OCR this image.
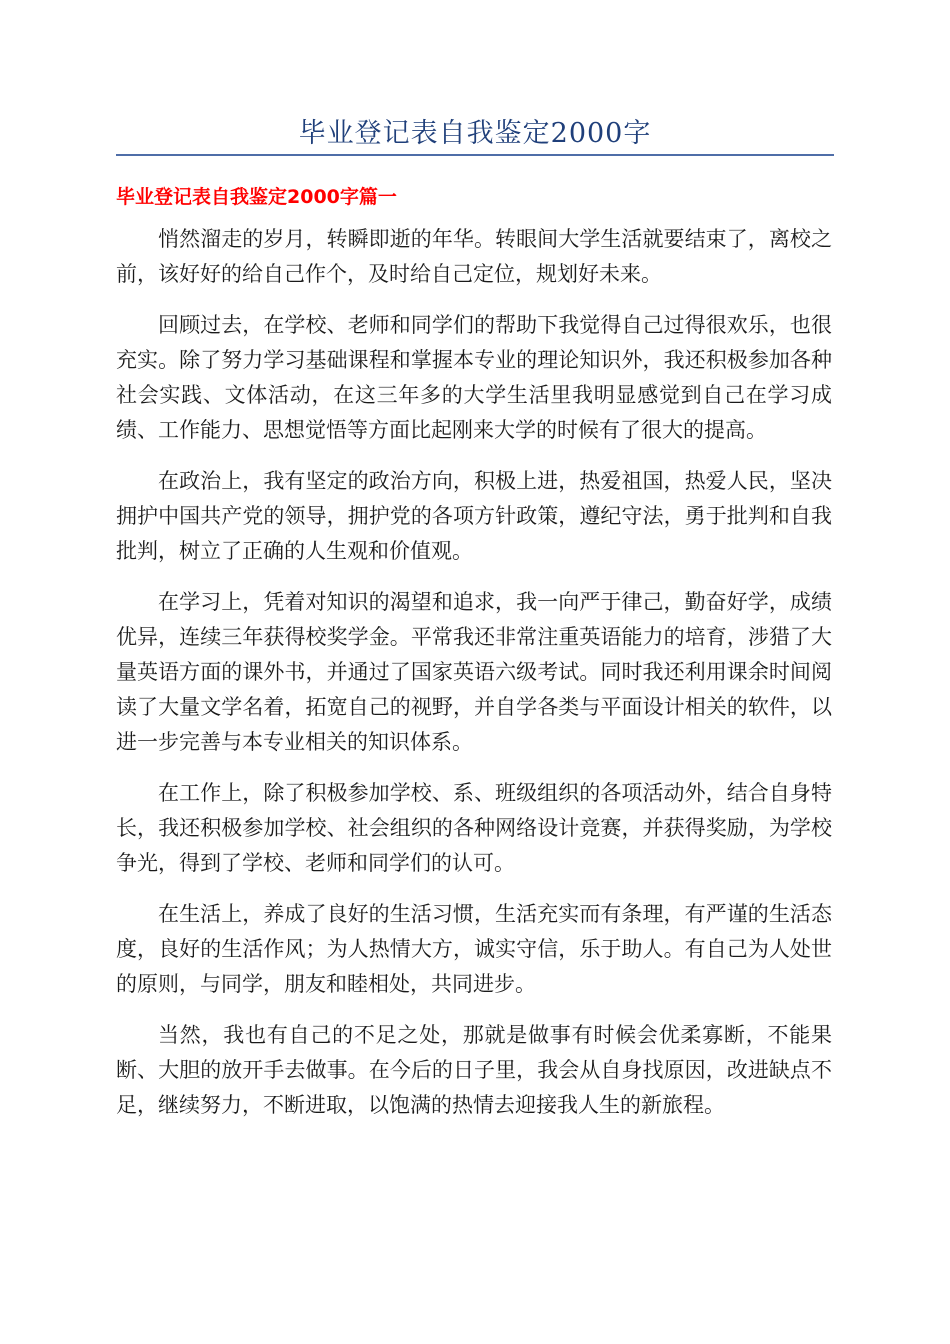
毕业登记表自我鉴定2000字
毕业登记表自我鉴定2000字篇一

悄然溜走的岁月，转瞬即逝的年华。转眼间大学生活就要结束了，离校之前，该好好的给自己作个，及时给自己定位，规划好未来。

回顾过去，在学校、老师和同学们的帮助下我觉得自己过得很欢乐，也很充实。除了努力学习基础课程和掌握本专业的理论知识外，我还积极参加各种社会实践、文体活动，在这三年多的大学生活里我明显感觉到自己在学习成绩、工作能力、思想觉悟等方面比起刚来大学的时候有了很大的提高。

在政治上，我有坚定的政治方向，积极上进，热爱祖国，热爱人民，坚决拥护中国共产党的领导，拥护党的各项方针政策，遵纪守法，勇于批判和自我批判，树立了正确的人生观和价值观。

在学习上，凭着对知识的渴望和追求，我一向严于律己，勤奋好学，成绩优异，连续三年获得校奖学金。平常我还非常注重英语能力的培育，涉猎了大量英语方面的课外书，并通过了国家英语六级考试。同时我还利用课余时间阅读了大量文学名着，拓宽自己的视野，并自学各类与平面设计相关的软件，以进一步完善与本专业相关的知识体系。

在工作上，除了积极参加学校、系、班级组织的各项活动外，结合自身特长，我还积极参加学校、社会组织的各种网络设计竞赛，并获得奖励，为学校争光，得到了学校、老师和同学们的认可。

在生活上，养成了良好的生活习惯，生活充实而有条理，有严谨的生活态度，良好的生活作风；为人热情大方，诚实守信，乐于助人。有自己为人处世的原则，与同学，朋友和睦相处，共同进步。

当然，我也有自己的不足之处，那就是做事有时候会优柔寡断，不能果断、大胆的放开手去做事。在今后的日子里，我会从自身找原因，改进缺点不足，继续努力，不断进取，以饱满的热情去迎接我人生的新旅程。
